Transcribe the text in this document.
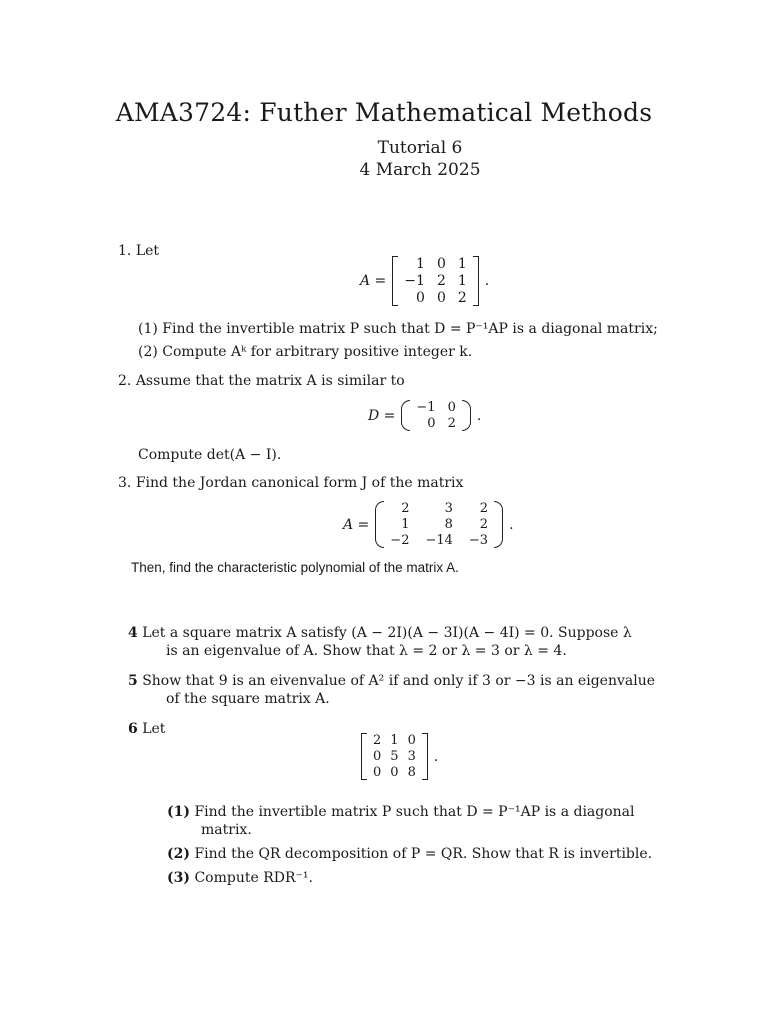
AMA3724: Futher Mathematical Methods
Tutorial 6
4 March 2025
1. Let
A =
1 0 1
−1 2 1
0 0 2
.
(1) Find the invertible matrix P such that D = P⁻¹AP is a diagonal matrix;
(2) Compute Aᵏ for arbitrary positive integer k.
2. Assume that the matrix A is similar to
D = −1 0
0 2 .
Compute det(A − I).
3. Find the Jordan canonical form J of the matrix
A =
2	3	2
1	8	2
−2 −14 −3
.
Then, find the characteristic polynomial of the matrix A.
4 Let a square matrix A satisfy (A − 2I)(A − 3I)(A − 4I) = 0. Suppose λ
is an eigenvalue of A. Show that λ = 2 or λ = 3 or λ = 4.
5 Show that 9 is an eivenvalue of A² if and only if 3 or −3 is an eigenvalue
of the square matrix A.
6 Let
2 1 0
0 5 3
0 0 8
.
(1) Find the invertible matrix P such that D = P⁻¹AP is a diagonal
matrix.
(2) Find the QR decomposition of P = QR. Show that R is invertible.
(3) Compute RDR⁻¹.
